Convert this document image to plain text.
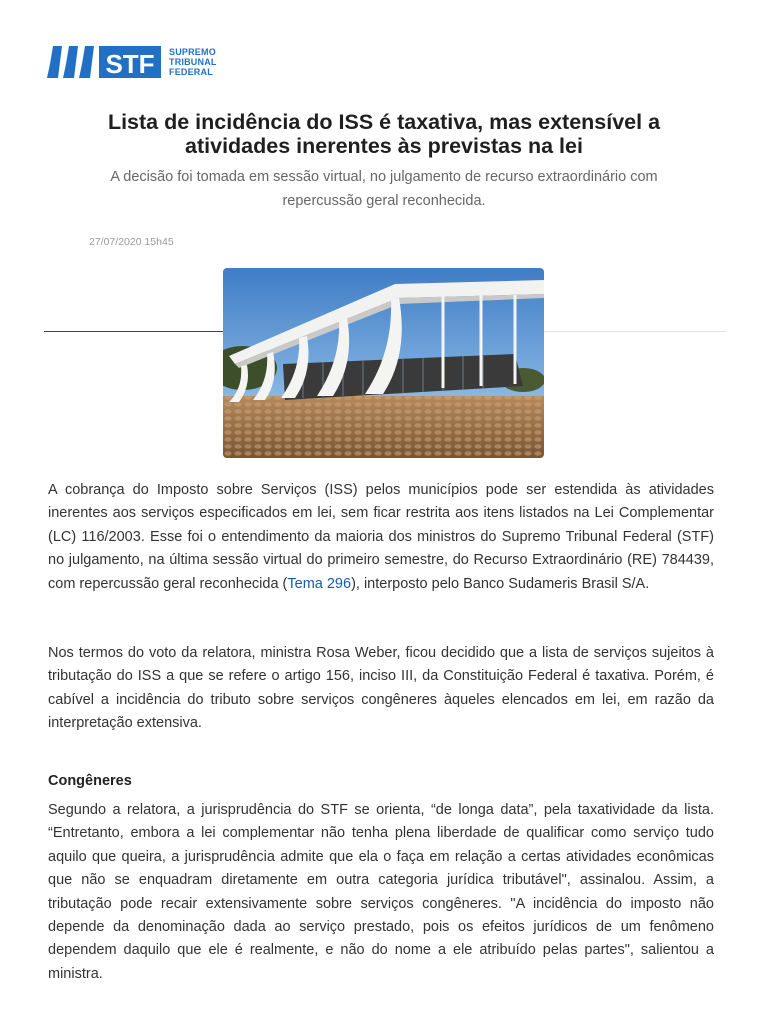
STF SUPREMO
TRIBUNAL
FEDERAL
Lista de incidência do ISS é taxativa, mas extensível a atividades inerentes às previstas na lei

A decisão foi tomada em sessão virtual, no julgamento de recurso extraordinário com repercussão geral reconhecida.

27/07/2020 15h45

A cobrança do Imposto sobre Serviços (ISS) pelos municípios pode ser estendida às atividades inerentes aos serviços especificados em lei, sem ficar restrita aos itens listados na Lei Complementar (LC) 116/2003. Esse foi o entendimento da maioria dos ministros do Supremo Tribunal Federal (STF) no julgamento, na última sessão virtual do primeiro semestre, do Recurso Extraordinário (RE) 784439, com repercussão geral reconhecida (Tema 296), interposto pelo Banco Sudameris Brasil S/A.

Nos termos do voto da relatora, ministra Rosa Weber, ficou decidido que a lista de serviços sujeitos à tributação do ISS a que se refere o artigo 156, inciso III, da Constituição Federal é taxativa. Porém, é cabível a incidência do tributo sobre serviços congêneres àqueles elencados em lei, em razão da interpretação extensiva.

Congêneres

Segundo a relatora, a jurisprudência do STF se orienta, “de longa data”, pela taxatividade da lista. “Entretanto, embora a lei complementar não tenha plena liberdade de qualificar como serviço tudo aquilo que queira, a jurisprudência admite que ela o faça em relação a certas atividades econômicas que não se enquadram diretamente em outra categoria jurídica tributável", assinalou. Assim, a tributação pode recair extensivamente sobre serviços congêneres. "A incidência do imposto não depende da denominação dada ao serviço prestado, pois os efeitos jurídicos de um fenômeno dependem daquilo que ele é realmente, e não do nome a ele atribuído pelas partes", salientou a ministra.
